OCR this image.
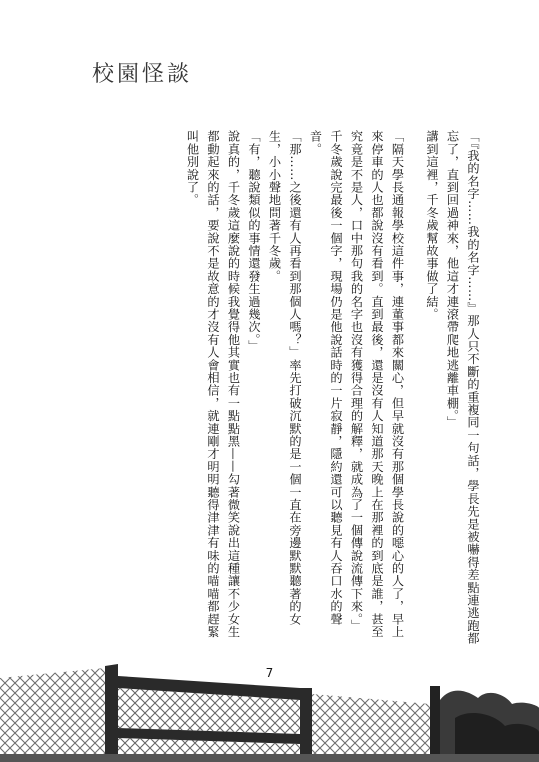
校園怪談

「『我的名字……我的名字……』那人只不斷的重複同一句話，學長先是被嚇得差點連逃跑都忘了，直到回過神來，他這才連滾帶爬地逃離車棚。」

講到這裡，千冬歲幫故事做了結。

「隔天學長通報學校這件事，連董事都來關心，但早就沒有那個學長說的噁心的人了，早上來停車的人也都說沒有看到。直到最後，還是沒有人知道那天晚上在那裡的到底是誰，甚至究竟是不是人，口中那句我的名字也沒有獲得合理的解釋，就成為了一個傳說流傳下來。」

千冬歲說完最後一個字，現場仍是他說話時的一片寂靜，隱約還可以聽見有人吞口水的聲音。

「那……之後還有人再看到那個人嗎？」率先打破沉默的是一個一直在旁邊默默聽著的女生，小小聲地問著千冬歲。

「有，聽說類似的事情還發生過幾次。」

說真的，千冬歲這麼說的時候我覺得他其實也有一點點黑——勾著微笑說出這種讓不少女生都動起來的話，要說不是故意的才沒有人會相信，就連剛才明明聽得津津有味的喵喵都趕緊叫他別說了。

7
